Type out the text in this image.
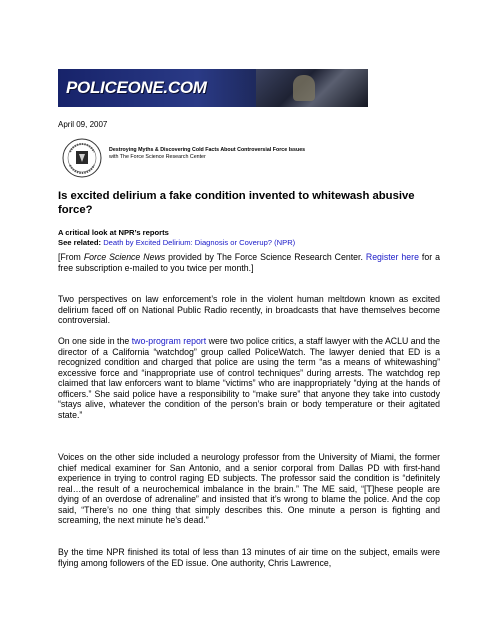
POLICEONE.COM
April 09, 2007
Destroying Myths & Discovering Cold Facts About Controversial Force Issues
with The Force Science Research Center
Is excited delirium a fake condition invented to whitewash abusive force?
A critical look at NPR’s reports
See related: Death by Excited Delirium: Diagnosis or Coverup? (NPR)

[From Force Science News provided by The Force Science Research Center. Register here for a free subscription e-mailed to you twice per month.]

Two perspectives on law enforcement’s role in the violent human meltdown known as excited delirium faced off on National Public Radio recently, in broadcasts that have themselves become controversial.

On one side in the two-program report were two police critics, a staff lawyer with the ACLU and the director of a California “watchdog” group called PoliceWatch. The lawyer denied that ED is a recognized condition and charged that police are using the term “as a means of whitewashing” excessive force and “inappropriate use of control techniques” during arrests. The watchdog rep claimed that law enforcers want to blame “victims” who are inappropriately “dying at the hands of officers.” She said police have a responsibility to “make sure” that anyone they take into custody “stays alive, whatever the condition of the person’s brain or body temperature or their agitated state.”

Voices on the other side included a neurology professor from the University of Miami, the former chief medical examiner for San Antonio, and a senior corporal from Dallas PD with first-hand experience in trying to control raging ED subjects. The professor said the condition is “definitely real…the result of a neurochemical imbalance in the brain.” The ME said, “[T]hese people are dying of an overdose of adrenaline” and insisted that it’s wrong to blame the police. And the cop said, “There’s no one thing that simply describes this. One minute a person is fighting and screaming, the next minute he’s dead.”

By the time NPR finished its total of less than 13 minutes of air time on the subject, emails were flying among followers of the ED issue. One authority, Chris Lawrence,
